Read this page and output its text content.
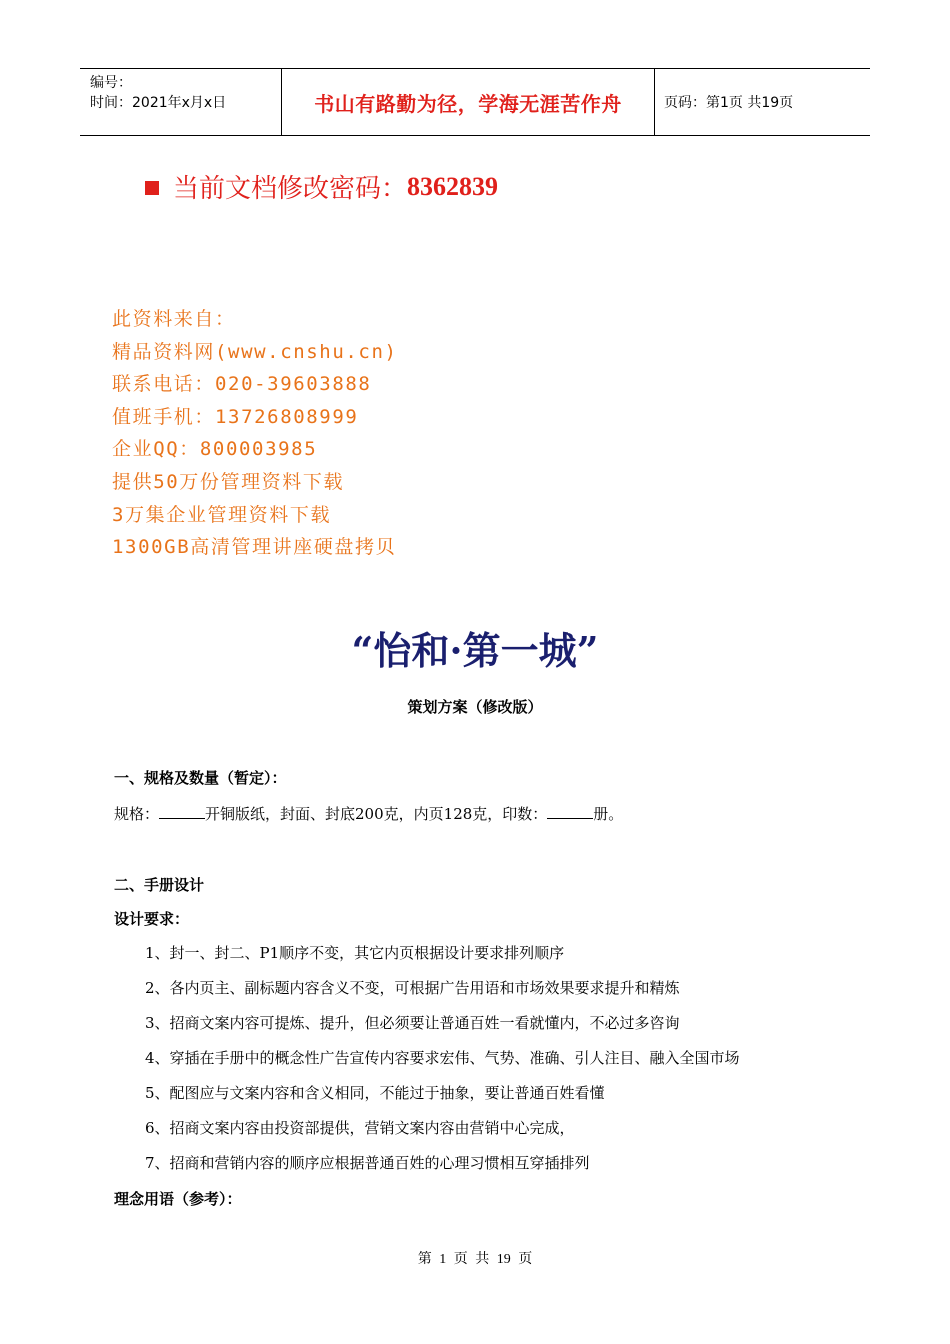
编号：
时间：2021年x月x日	书山有路勤为径，学海无涯苦作舟	页码：第1页 共19页
当前文档修改密码： 8362839
此资料来自：
精品资料网(www.cnshu.cn)
联系电话：020-39603888
值班手机：13726808999
企业QQ：800003985
提供50万份管理资料下载
3万集企业管理资料下载
1300GB高清管理讲座硬盘拷贝
“怡和·第一城”
策划方案（修改版）
一、规格及数量（暂定）：
规格：	开铜版纸，封面、封底200克，内页128克，印数：	册。
二、手册设计
设计要求：
1、封一、封二、P1顺序不变，其它内页根据设计要求排列顺序
2、各内页主、副标题内容含义不变，可根据广告用语和市场效果要求提升和精炼
3、招商文案内容可提炼、提升，但必须要让普通百姓一看就懂内，不必过多咨询
4、穿插在手册中的概念性广告宣传内容要求宏伟、气势、准确、引人注目、融入全国市场
5、配图应与文案内容和含义相同，不能过于抽象，要让普通百姓看懂
6、招商文案内容由投资部提供，营销文案内容由营销中心完成，
7、招商和营销内容的顺序应根据普通百姓的心理习惯相互穿插排列
理念用语（参考）：
第 1 页 共 19 页
